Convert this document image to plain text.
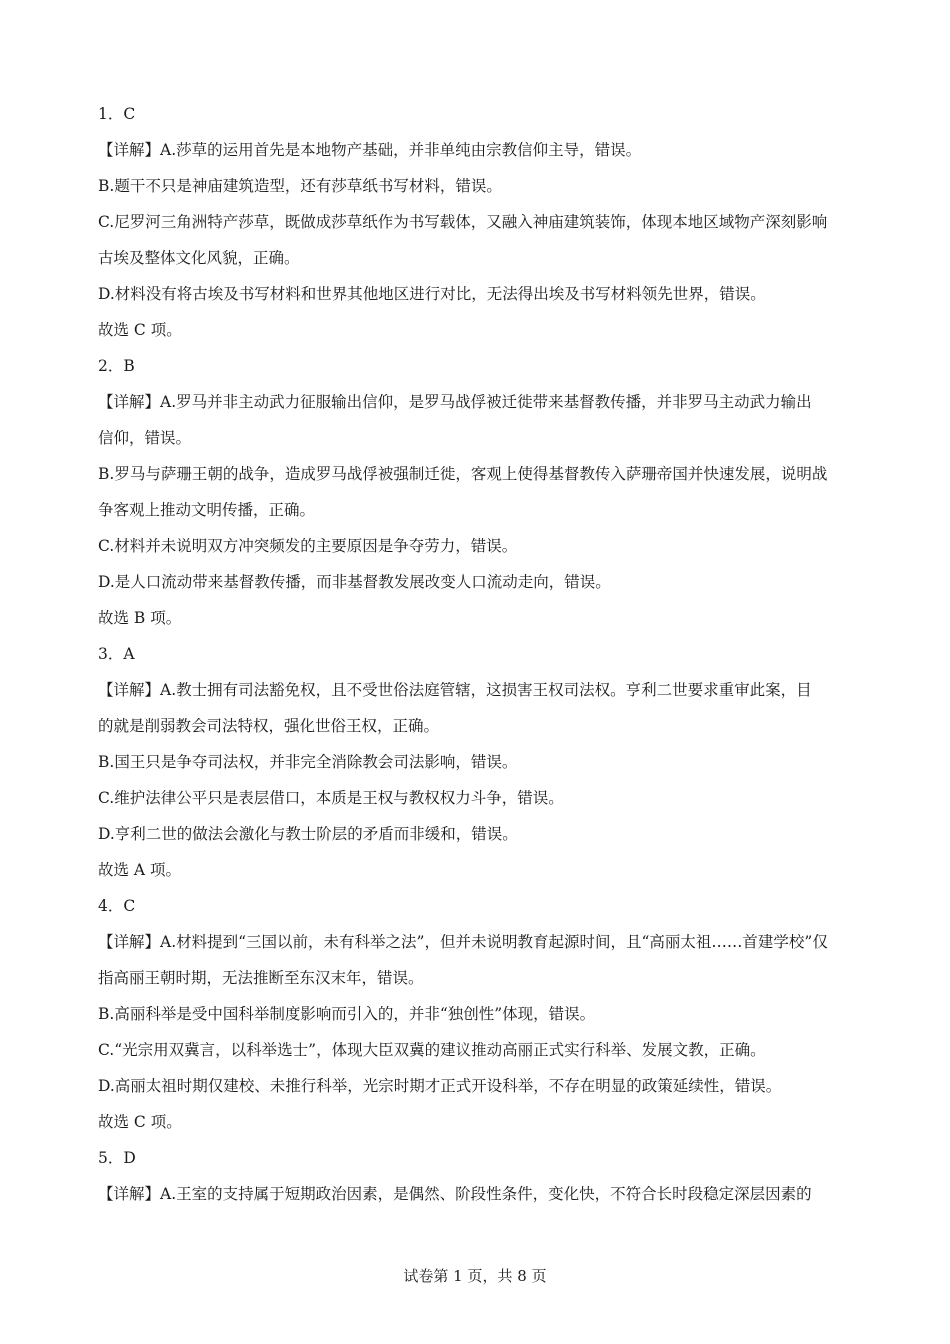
1．C
【详解】A.莎草的运用首先是本地物产基础，并非单纯由宗教信仰主导，错误。
B.题干不只是神庙建筑造型，还有莎草纸书写材料，错误。
C.尼罗河三角洲特产莎草，既做成莎草纸作为书写载体，又融入神庙建筑装饰，体现本地区域物产深刻影响
古埃及整体文化风貌，正确。
D.材料没有将古埃及书写材料和世界其他地区进行对比，无法得出埃及书写材料领先世界，错误。
故选 C 项。
2．B
【详解】A.罗马并非主动武力征服输出信仰，是罗马战俘被迁徙带来基督教传播，并非罗马主动武力输出
信仰，错误。
B.罗马与萨珊王朝的战争，造成罗马战俘被强制迁徙，客观上使得基督教传入萨珊帝国并快速发展，说明战
争客观上推动文明传播，正确。
C.材料并未说明双方冲突频发的主要原因是争夺劳力，错误。
D.是人口流动带来基督教传播，而非基督教发展改变人口流动走向，错误。
故选 B 项。
3．A
【详解】A.教士拥有司法豁免权，且不受世俗法庭管辖，这损害王权司法权。亨利二世要求重审此案，目
的就是削弱教会司法特权，强化世俗王权，正确。
B.国王只是争夺司法权，并非完全消除教会司法影响，错误。
C.维护法律公平只是表层借口，本质是王权与教权权力斗争，错误。
D.亨利二世的做法会激化与教士阶层的矛盾而非缓和，错误。
故选 A 项。
4．C
【详解】A.材料提到“三国以前，未有科举之法”，但并未说明教育起源时间，且“高丽太祖……首建学校”仅
指高丽王朝时期，无法推断至东汉末年，错误。
B.高丽科举是受中国科举制度影响而引入的，并非“独创性”体现，错误。
C.“光宗用双冀言，以科举选士”，体现大臣双冀的建议推动高丽正式实行科举、发展文教，正确。
D.高丽太祖时期仅建校、未推行科举，光宗时期才正式开设科举，不存在明显的政策延续性，错误。
故选 C 项。
5．D
【详解】A.王室的支持属于短期政治因素，是偶然、阶段性条件，变化快，不符合长时段稳定深层因素的
试卷第 1 页，共 8 页
